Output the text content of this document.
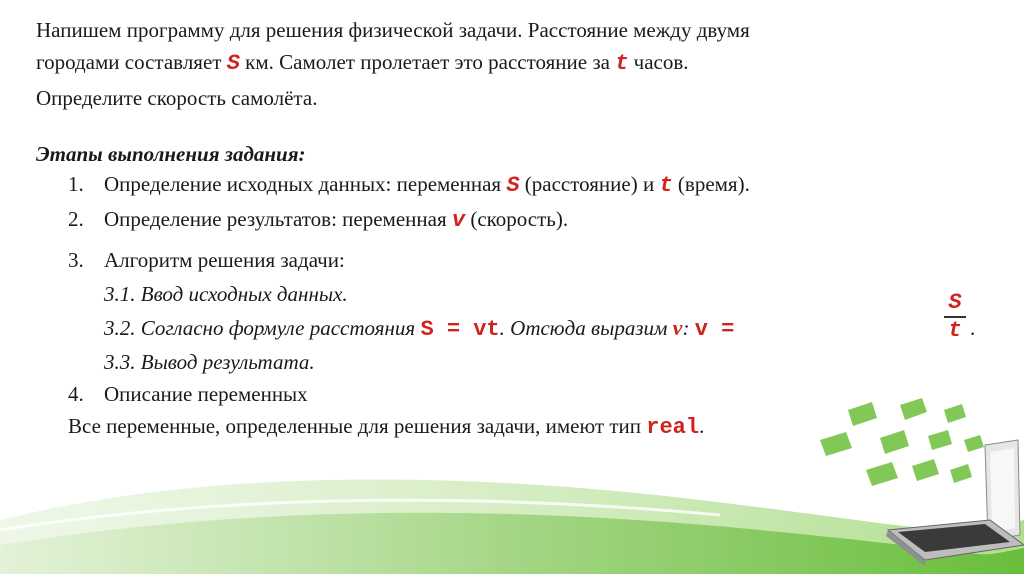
Напишем программу для решения физической задачи. Расстояние между двумя
городами составляет S км. Самолет пролетает это расстояние за t часов.
Определите скорость самолёта.
Этапы выполнения задания:
1. Определение исходных данных: переменная S (расстояние) и t (время).
2. Определение результатов: переменная v (скорость).
3. Алгоритм решения задачи:
3.1. Ввод исходных данных.
3.2. Согласно формуле расстояния S = vt. Отсюда выразим v: v =
S
t .
3.3. Вывод результата.
4. Описание переменных
Все переменные, определенные для решения задачи, имеют тип real.
